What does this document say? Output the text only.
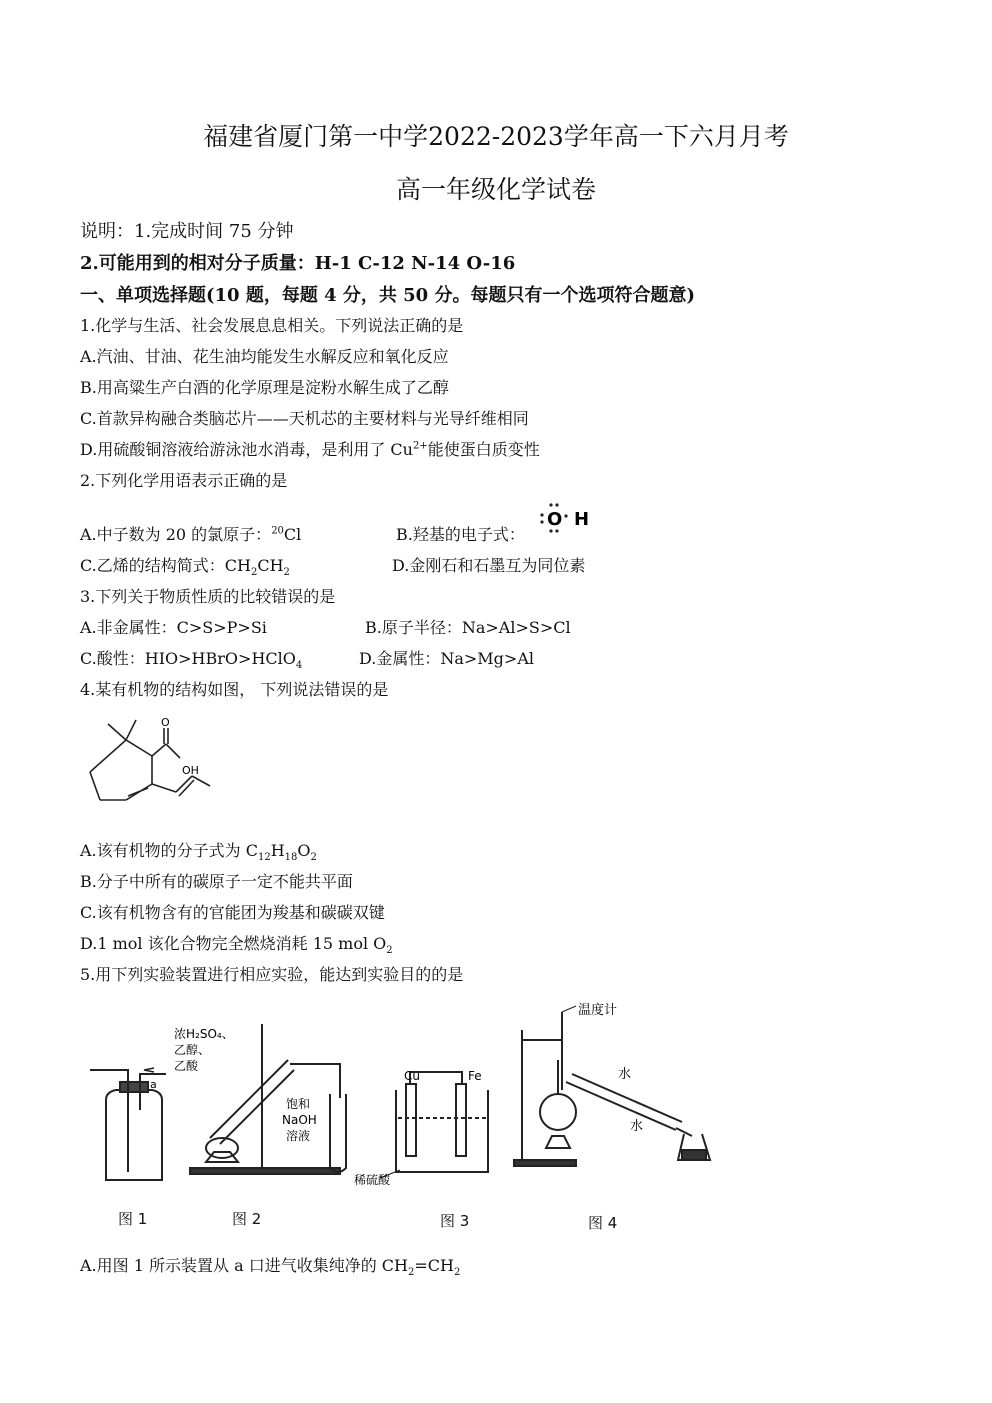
福建省厦门第一中学2022-2023学年高一下六月月考
高一年级化学试卷
说明：1.完成时间 75 分钟
2.可能用到的相对分子质量：H-1 C-12 N-14 O-16
一、单项选择题(10 题，每题 4 分，共 50 分。每题只有一个选项符合题意)
1.化学与生活、社会发展息息相关。下列说法正确的是
A.汽油、甘油、花生油均能发生水解反应和氧化反应
B.用高粱生产白酒的化学原理是淀粉水解生成了乙醇
C.首款异构融合类脑芯片——天机芯的主要材料与光导纤维相同
D.用硫酸铜溶液给游泳池水消毒，是利用了 $Cu^{2+}$能使蛋白质变性
2.下列化学用语表示正确的是
A.中子数为 20 的氯原子：$^{20}$Cl	B.羟基的电子式：
O H
C.乙烯的结构简式：$CH_2CH_2$	D.金刚石和石墨互为同位素
3.下列关于物质性质的比较错误的是
A.非金属性：C>S>P>Si	B.原子半径：Na>Al>S>Cl
C.酸性：HIO>HBrO>HClO$_4$	D.金属性：Na>Mg>Al
4.某有机物的结构如图， 下列说法错误的是
O
OH
A.该有机物的分子式为 $C_{12}H_{18}O_2$
B.分子中所有的碳原子一定不能共平面
C.该有机物含有的官能团为羧基和碳碳双键
D.1 mol 该化合物完全燃烧消耗 15 mol $O_2$
5.用下列实验装置进行相应实验，能达到实验目的的是
a
图 1
浓H₂SO₄、
乙醇、
乙酸
饱和
NaOH
溶液
图 2
Cu	Fe
稀硫酸
图 3
温度计
水
水
图 4
A.用图 1 所示装置从 a 口进气收集纯净的 $CH_2=CH_2$
